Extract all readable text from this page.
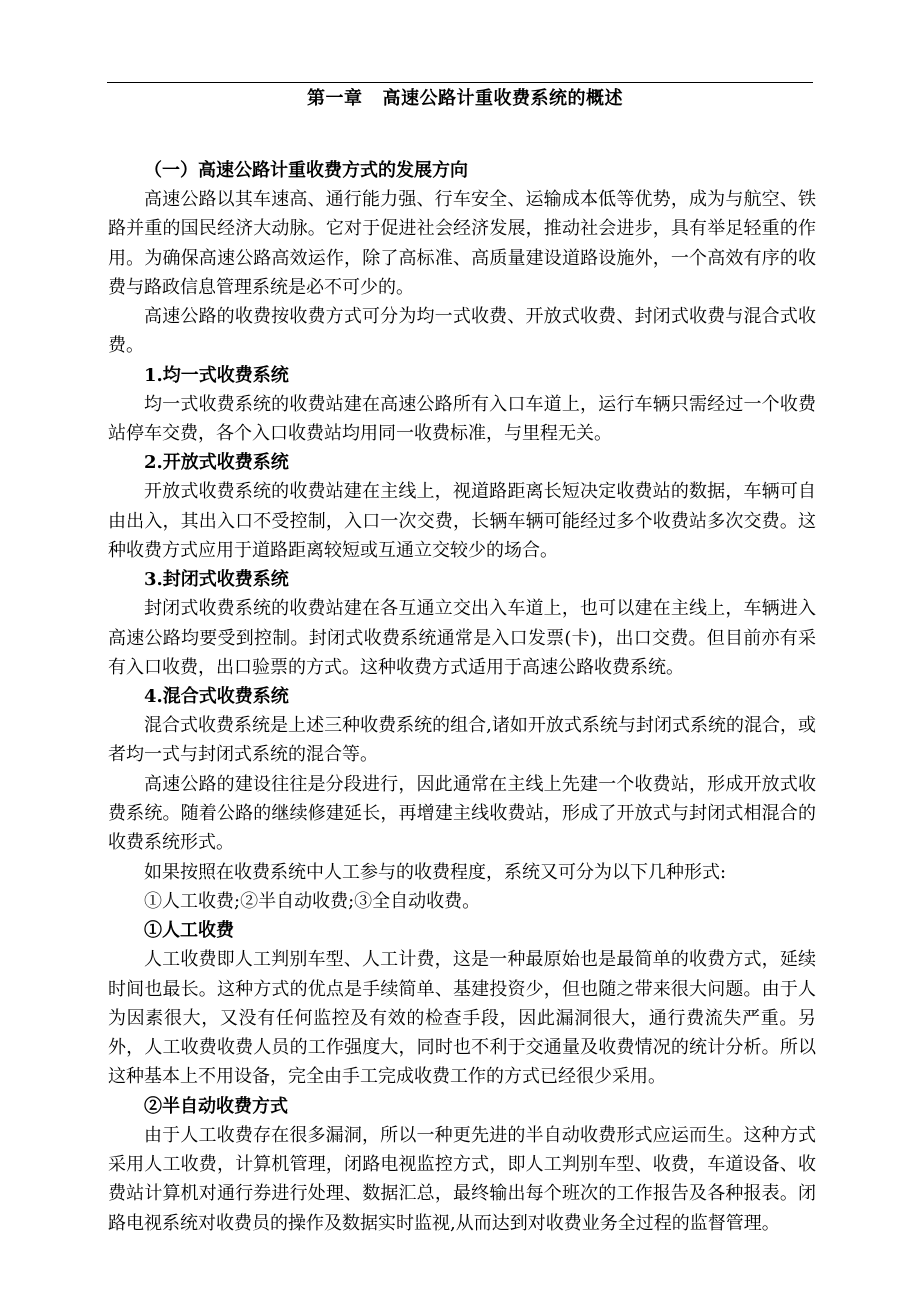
第一章 高速公路计重收费系统的概述

（一）高速公路计重收费方式的发展方向

高速公路以其车速高、通行能力强、行车安全、运输成本低等优势，成为与航空、铁路并重的国民经济大动脉。它对于促进社会经济发展，推动社会进步，具有举足轻重的作用。为确保高速公路高效运作，除了高标准、高质量建设道路设施外，一个高效有序的收费与路政信息管理系统是必不可少的。

高速公路的收费按收费方式可分为均一式收费、开放式收费、封闭式收费与混合式收费。

1.均一式收费系统

均一式收费系统的收费站建在高速公路所有入口车道上，运行车辆只需经过一个收费站停车交费，各个入口收费站均用同一收费标准，与里程无关。

2.开放式收费系统

开放式收费系统的收费站建在主线上，视道路距离长短决定收费站的数据，车辆可自由出入，其出入口不受控制，入口一次交费，长辆车辆可能经过多个收费站多次交费。这种收费方式应用于道路距离较短或互通立交较少的场合。

3.封闭式收费系统

封闭式收费系统的收费站建在各互通立交出入车道上，也可以建在主线上，车辆进入高速公路均要受到控制。封闭式收费系统通常是入口发票(卡)，出口交费。但目前亦有采有入口收费，出口验票的方式。这种收费方式适用于高速公路收费系统。

4.混合式收费系统

混合式收费系统是上述三种收费系统的组合,诸如开放式系统与封闭式系统的混合，或者均一式与封闭式系统的混合等。

高速公路的建设往往是分段进行，因此通常在主线上先建一个收费站，形成开放式收费系统。随着公路的继续修建延长，再增建主线收费站，形成了开放式与封闭式相混合的收费系统形式。

如果按照在收费系统中人工参与的收费程度，系统又可分为以下几种形式:

①人工收费;②半自动收费;③全自动收费。

①人工收费

人工收费即人工判别车型、人工计费，这是一种最原始也是最简单的收费方式，延续时间也最长。这种方式的优点是手续简单、基建投资少，但也随之带来很大问题。由于人为因素很大，又没有任何监控及有效的检查手段，因此漏洞很大，通行费流失严重。另外，人工收费收费人员的工作强度大，同时也不利于交通量及收费情况的统计分析。所以这种基本上不用设备，完全由手工完成收费工作的方式已经很少采用。

②半自动收费方式

由于人工收费存在很多漏洞，所以一种更先进的半自动收费形式应运而生。这种方式采用人工收费，计算机管理，闭路电视监控方式，即人工判别车型、收费，车道设备、收费站计算机对通行券进行处理、数据汇总，最终输出每个班次的工作报告及各种报表。闭路电视系统对收费员的操作及数据实时监视,从而达到对收费业务全过程的监督管理。
